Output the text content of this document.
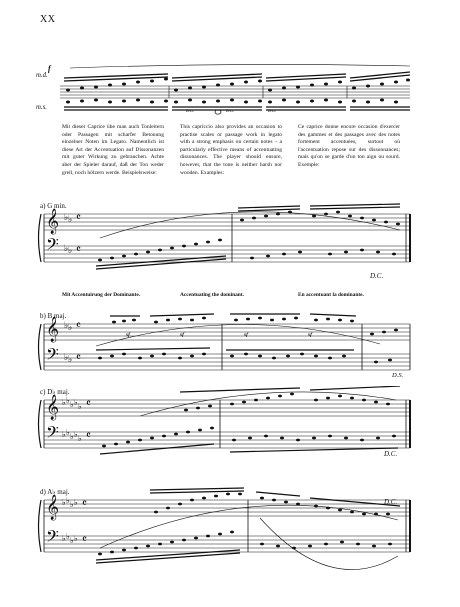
XX
m.d.
m.s.
f
ten.	ten.	ten.
Mit dieser Caprice übe man auch Tonleitern oder Passagen mit scharfer Betonung einzelner Noten im Legato. Namentlich ist diese Art der Accentuation auf Dissonanzen mit guter Wirkung zu gebrauchen. Achte aber der Spieler darauf, daß der Ton weder grell, noch hölzern werde. Beispielsweise:
This capriccio also provides an occasion to practise scales or passage work in legato with a strong emphasis on certain notes – a particularly effective means of accentuating dissonances. The player should ensure, however, that the tone is neither harsh nor wooden. Examples:
Ce caprice donne encore occasion d'exercer des gammes et des passages avec des notes fortement accentuées, surtout où l'accentuation repose sur des dissonnances; mais qu'on se garde d'un ton aigu ou sourd. Exemple:
a) G min.
D.C.
𝄞
𝄢
♭ ♭
♭ ♭
𝄴
𝄴
Mit Accentuirung der Dominante.	Accentuating the dominant.	En accentuant la dominante.
b) B maj.
D.S.
sf	sf	sf	sf
𝄞
𝄢
♭ ♭
♭ ♭
𝄴
𝄴
c) D♭ maj.
D.C.
𝄞
𝄢
♭ ♭ ♭ ♭ ♭
♭ ♭ ♭ ♭ ♭
𝄴
𝄴
d) A♭ maj.
D.C.
𝄞
𝄢
♭ ♭ ♭ ♭
♭ ♭ ♭ ♭
𝄴
𝄴
